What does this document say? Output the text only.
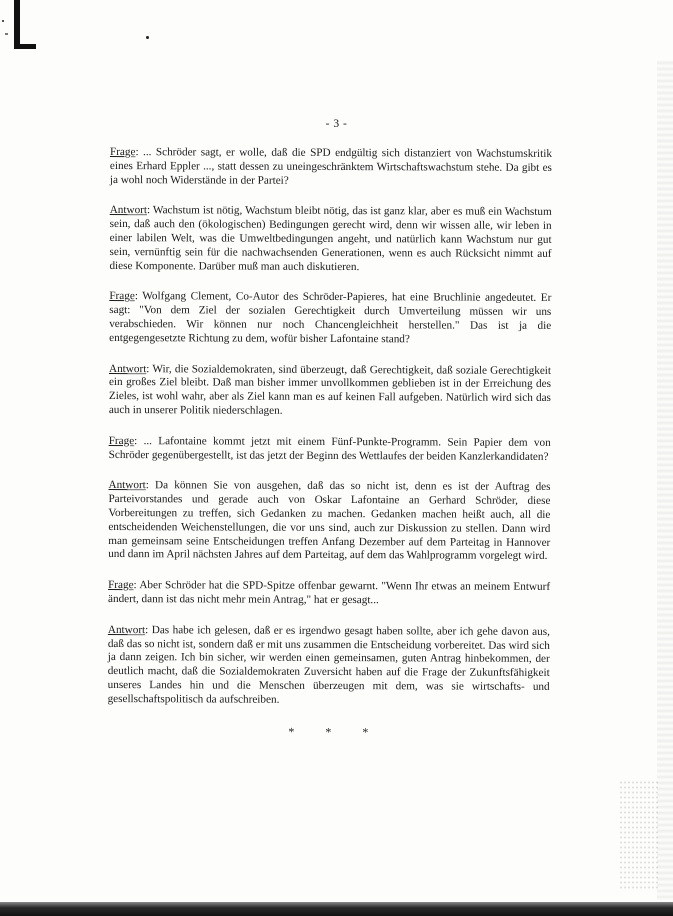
- 3 -

Frage: ... Schröder sagt, er wolle, daß die SPD endgültig sich distanziert von Wachstumskritik eines Erhard Eppler ..., statt dessen zu uneingeschränktem Wirtschaftswachstum stehe. Da gibt es ja wohl noch Widerstände in der Partei?

Antwort: Wachstum ist nötig, Wachstum bleibt nötig, das ist ganz klar, aber es muß ein Wachstum sein, daß auch den (ökologischen) Bedingungen gerecht wird, denn wir wissen alle, wir leben in einer labilen Welt, was die Umweltbedingungen angeht, und natürlich kann Wachstum nur gut sein, vernünftig sein für die nachwachsenden Generationen, wenn es auch Rücksicht nimmt auf diese Komponente. Darüber muß man auch diskutieren.

Frage: Wolfgang Clement, Co-Autor des Schröder-Papieres, hat eine Bruchlinie angedeutet. Er sagt: "Von dem Ziel der sozialen Gerechtigkeit durch Umverteilung müssen wir uns verabschieden. Wir können nur noch Chancengleichheit herstellen." Das ist ja die entgegengesetzte Richtung zu dem, wofür bisher Lafontaine stand?

Antwort: Wir, die Sozialdemokraten, sind überzeugt, daß Gerechtigkeit, daß soziale Gerechtigkeit ein großes Ziel bleibt. Daß man bisher immer unvollkommen geblieben ist in der Erreichung des Zieles, ist wohl wahr, aber als Ziel kann man es auf keinen Fall aufgeben. Natürlich wird sich das auch in unserer Politik niederschlagen.

Frage: ... Lafontaine kommt jetzt mit einem Fünf-Punkte-Programm. Sein Papier dem von Schröder gegenübergestellt, ist das jetzt der Beginn des Wettlaufes der beiden Kanzlerkandidaten?

Antwort: Da können Sie von ausgehen, daß das so nicht ist, denn es ist der Auftrag des Parteivorstandes und gerade auch von Oskar Lafontaine an Gerhard Schröder, diese Vorbereitungen zu treffen, sich Gedanken zu machen. Gedanken machen heißt auch, all die entscheidenden Weichenstellungen, die vor uns sind, auch zur Diskussion zu stellen. Dann wird man gemeinsam seine Entscheidungen treffen Anfang Dezember auf dem Parteitag in Hannover und dann im April nächsten Jahres auf dem Parteitag, auf dem das Wahlprogramm vorgelegt wird.

Frage: Aber Schröder hat die SPD-Spitze offenbar gewarnt. "Wenn Ihr etwas an meinem Entwurf ändert, dann ist das nicht mehr mein Antrag," hat er gesagt...

Antwort: Das habe ich gelesen, daß er es irgendwo gesagt haben sollte, aber ich gehe davon aus, daß das so nicht ist, sondern daß er mit uns zusammen die Entscheidung vorbereitet. Das wird sich ja dann zeigen. Ich bin sicher, wir werden einen gemeinsamen, guten Antrag hinbekommen, der deutlich macht, daß die Sozialdemokraten Zuversicht haben auf die Frage der Zukunftsfähigkeit unseres Landes hin und die Menschen überzeugen mit dem, was sie wirtschafts- und gesellschaftspolitisch da aufschreiben.

* * *
